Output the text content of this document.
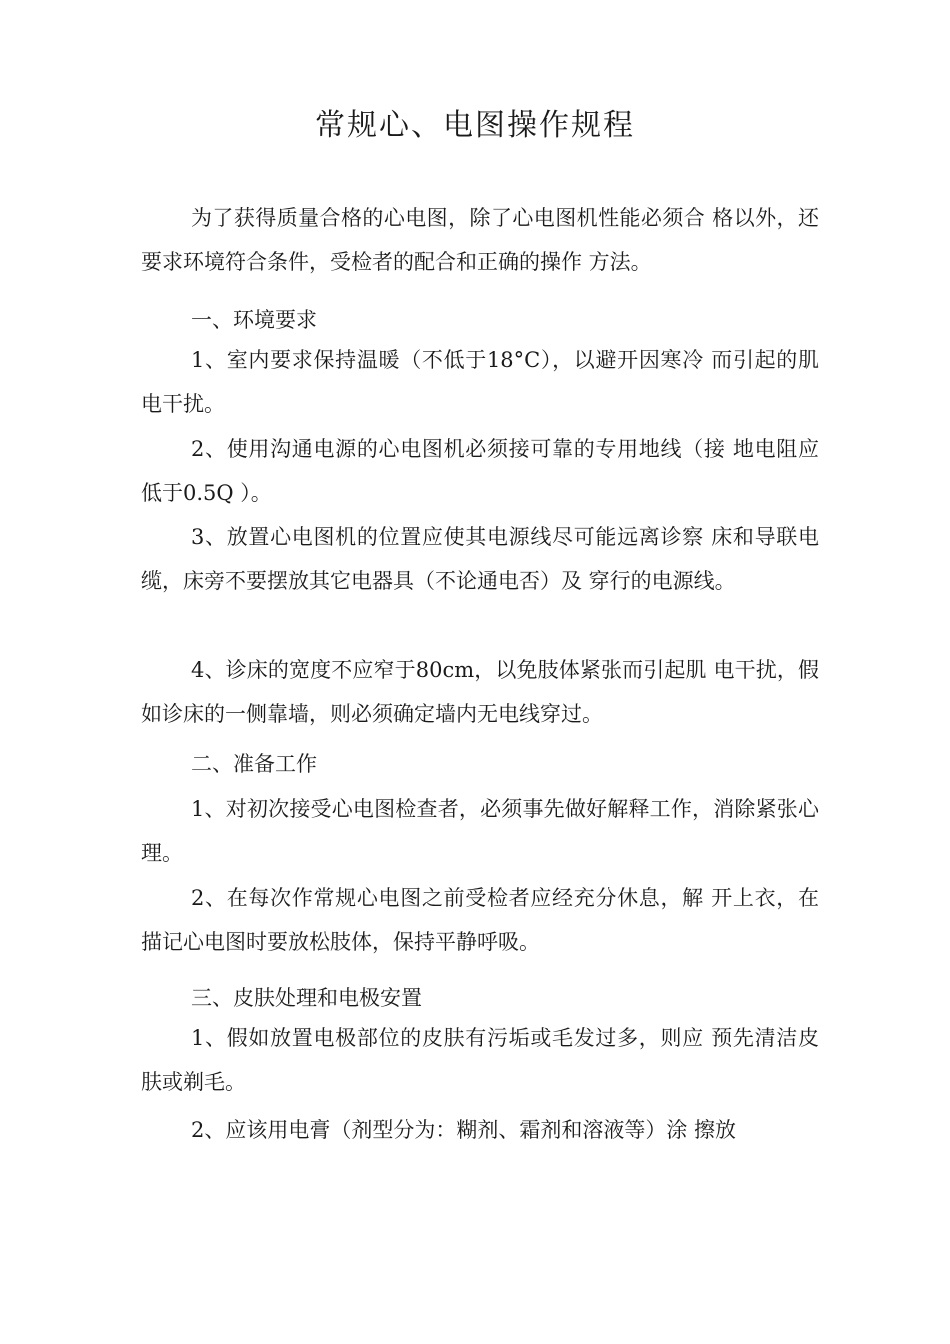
常规心、电图操作规程

为了获得质量合格的心电图，除了心电图机性能必须合 格以外，还要求环境符合条件，受检者的配合和正确的操作 方法。

一、环境要求

1、室内要求保持温暖（不低于18°C），以避开因寒冷 而引起的肌电干扰。

2、使用沟通电源的心电图机必须接可靠的专用地线（接 地电阻应低于0.5Q ）。

3、放置心电图机的位置应使其电源线尽可能远离诊察 床和导联电缆，床旁不要摆放其它电器具（不论通电否）及 穿行的电源线。

4、诊床的宽度不应窄于80cm，以免肢体紧张而引起肌 电干扰，假如诊床的一侧靠墙，则必须确定墙内无电线穿过。

二、准备工作

1、对初次接受心电图检查者，必须事先做好解释工作，消除紧张心理。

2、在每次作常规心电图之前受检者应经充分休息，解 开上衣，在描记心电图时要放松肢体，保持平静呼吸。

三、皮肤处理和电极安置

1、假如放置电极部位的皮肤有污垢或毛发过多，则应 预先清洁皮肤或剃毛。

2、应该用电膏（剂型分为：糊剂、霜剂和溶液等）涂 擦放
